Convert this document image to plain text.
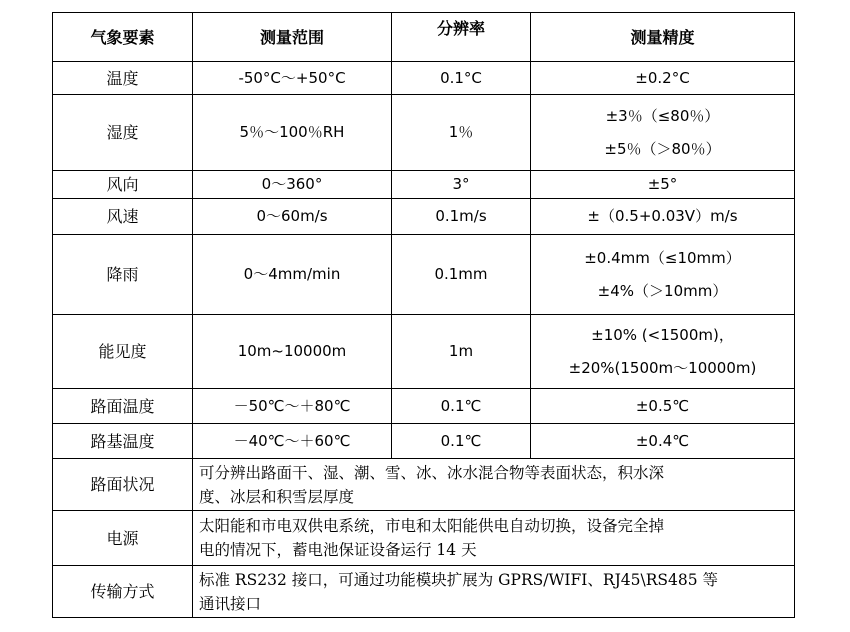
气象要素	测量范围	分辨率	测量精度
温度	-50°C～+50°C	0.1°C	±0.2°C
湿度	5％～100％RH	1％	±3％（≤80％）
±5％（＞80％）

风向	0～360°	3°	±5°
风速	0～60m/s	0.1m/s	±（0.5+0.03V）m/s
降雨	0～4mm/min	0.1mm	±0.4mm（≤10mm）
±4%（＞10mm）

能见度	10m~10000m	1m	±10% (<1500m)，
±20%(1500m～10000m)

路面温度	－50℃～＋80℃	0.1℃	±0.5℃
路基温度	－40℃～＋60℃	0.1℃	±0.4℃
路面状况	可分辨出路面干、湿、潮、雪、冰、冰水混合物等表面状态，积水深
度、冰层和积雪层厚度		

电源	太阳能和市电双供电系统，市电和太阳能供电自动切换，设备完全掉
电的情况下，蓄电池保证设备运行 14 天		

传输方式	标准 RS232 接口，可通过功能模块扩展为 GPRS/WIFI、RJ45\RS485 等
通讯接口		
